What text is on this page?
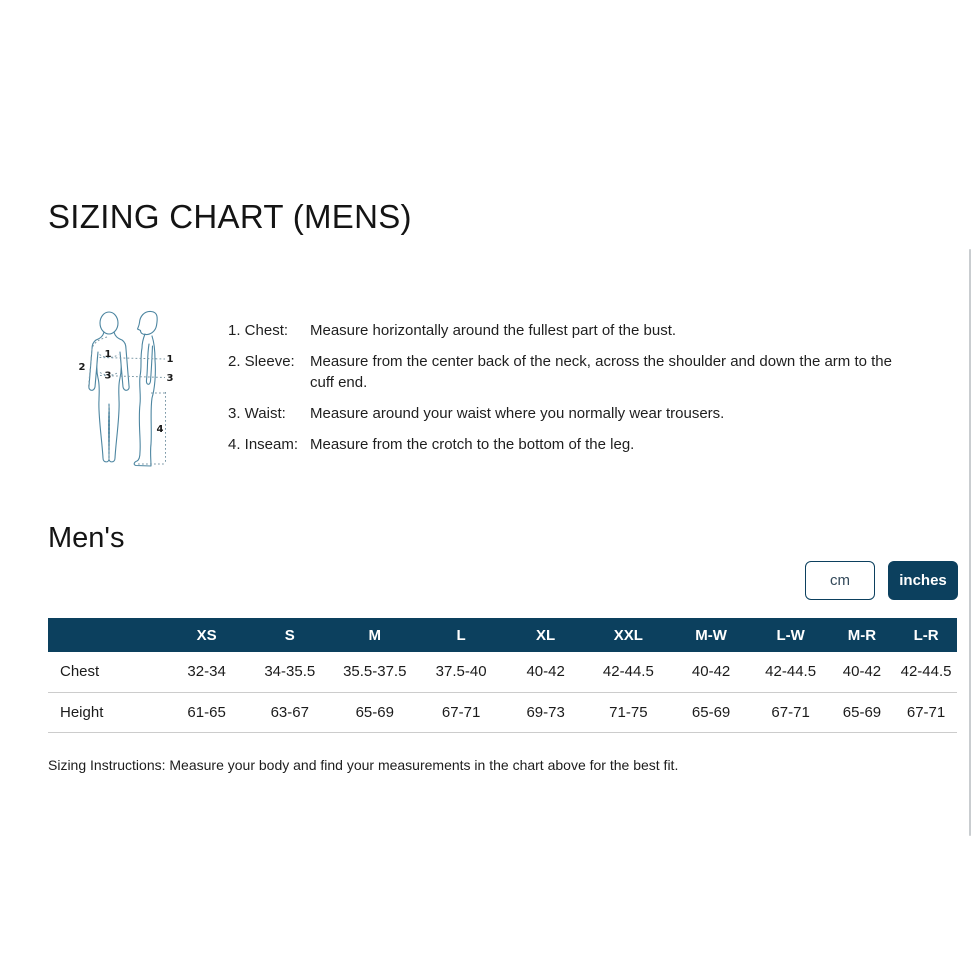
SIZING CHART (MENS)
1
3
2
1
3
4
1. Chest:	Measure horizontally around the fullest part of the bust.
2. Sleeve:	Measure from the center back of the neck, across the shoulder and down the arm to the cuff end.
3. Waist:	Measure around your waist where you normally wear trousers.
4. Inseam: Measure from the crotch to the bottom of the leg.
Men's
cm	inches
	XS	S	M	L	XL	XXL	M-W	L-W	M-R	L-R
Chest	32-34	34-35.5	35.5-37.5	37.5-40	40-42	42-44.5	40-42	42-44.5	40-42	42-44.5
Height	61-65	63-67	65-69	67-71	69-73	71-75	65-69	67-71	65-69	67-71

Sizing Instructions: Measure your body and find your measurements in the chart above for the best fit.
